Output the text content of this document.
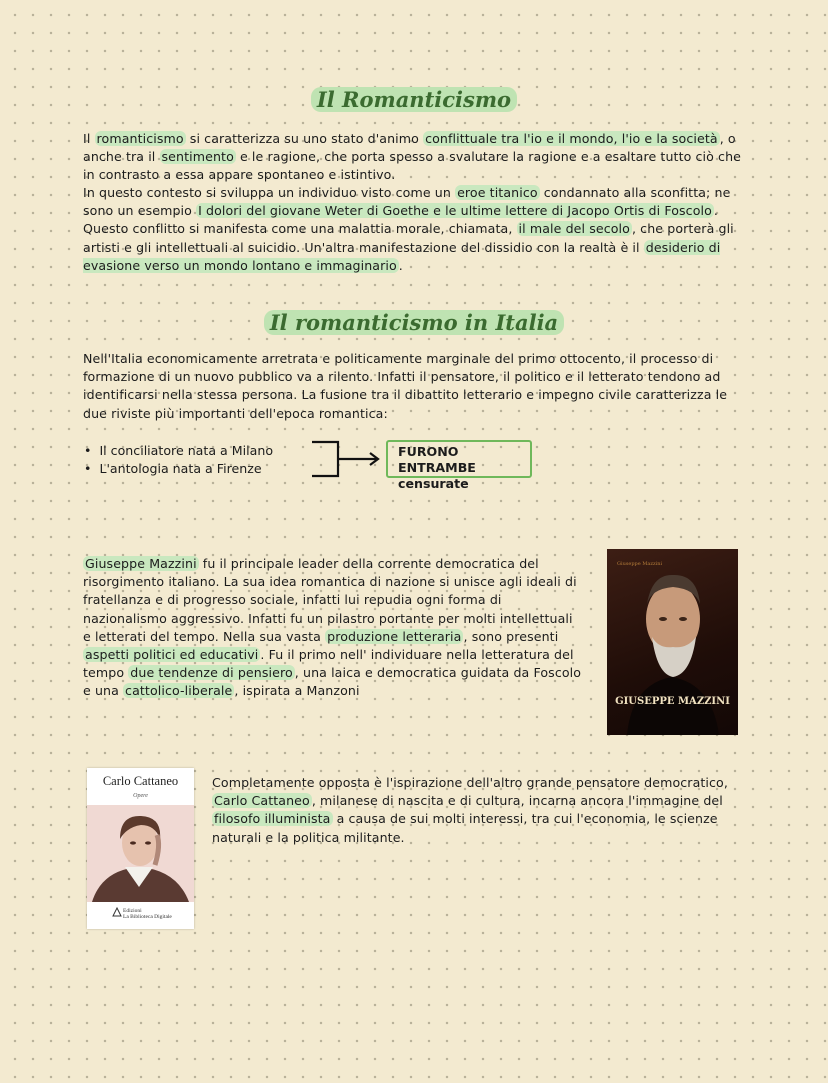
Il Romanticismo

Il romanticismo si caratterizza su uno stato d'animo conflittuale tra l'io e il mondo, l'io e la società , o anche tra il sentimento e le ragione, che porta spesso a svalutare la ragione e a esaltare tutto ciò che in contrasto a essa appare spontaneo e istintivo.

In questo contesto si sviluppa un individuo visto come un eroe titanico condannato alla sconfitta; ne sono un esempio I dolori del giovane Weter di Goethe e le ultime lettere di Jacopo Ortis di Foscolo . Questo conflitto si manifesta come una malattia morale, chiamata, il male del secolo , che porterà gli artisti e gli intellettuali al suicidio. Un'altra manifestazione del dissidio con la realtà è il desiderio di evasione verso un mondo lontano e immaginario .

Il romanticismo in Italia

Nell'Italia economicamente arretrata e politicamente marginale del primo ottocento, il processo di formazione di un nuovo pubblico va a rilento. Infatti il pensatore, il politico e il letterato tendono ad identificarsi nella stessa persona. La fusione tra il dibattito letterario e impegno civile caratterizza le due riviste più importanti dell'epoca romantica:

• Il conciliatore nata a Milano
• L'antologia nata a Firenze
FURONO ENTRAMBE censurate

Giuseppe Mazzini fu il principale leader della corrente democratica del risorgimento italiano. La sua idea romantica di nazione si unisce agli ideali di fratellanza e di progresso sociale, infatti lui repudia ogni forma di nazionalismo aggressivo. Infatti fu un pilastro portante per molti intellettuali e letterati del tempo. Nella sua vasta produzione letteraria , sono presenti aspetti politici ed educativi . Fu il primo nell' individuare nella letteratura del tempo due tendenze di pensiero , una laica e democratica guidata da Foscolo e una cattolico-liberale , ispirata a Manzoni

Giuseppe Mazzini
GIUSEPPE MAZZINI
Carlo Cattaneo
Opere
Edizioni
La Biblioteca Digitale

Completamente opposta è l'ispirazione dell'altro grande pensatore democratico, Carlo Cattaneo , milanese di nascita e di cultura, incarna ancora l'immagine del filosofo illuminista a causa de sui molti interessi, tra cui l'economia, le scienze naturali e la politica militante.
